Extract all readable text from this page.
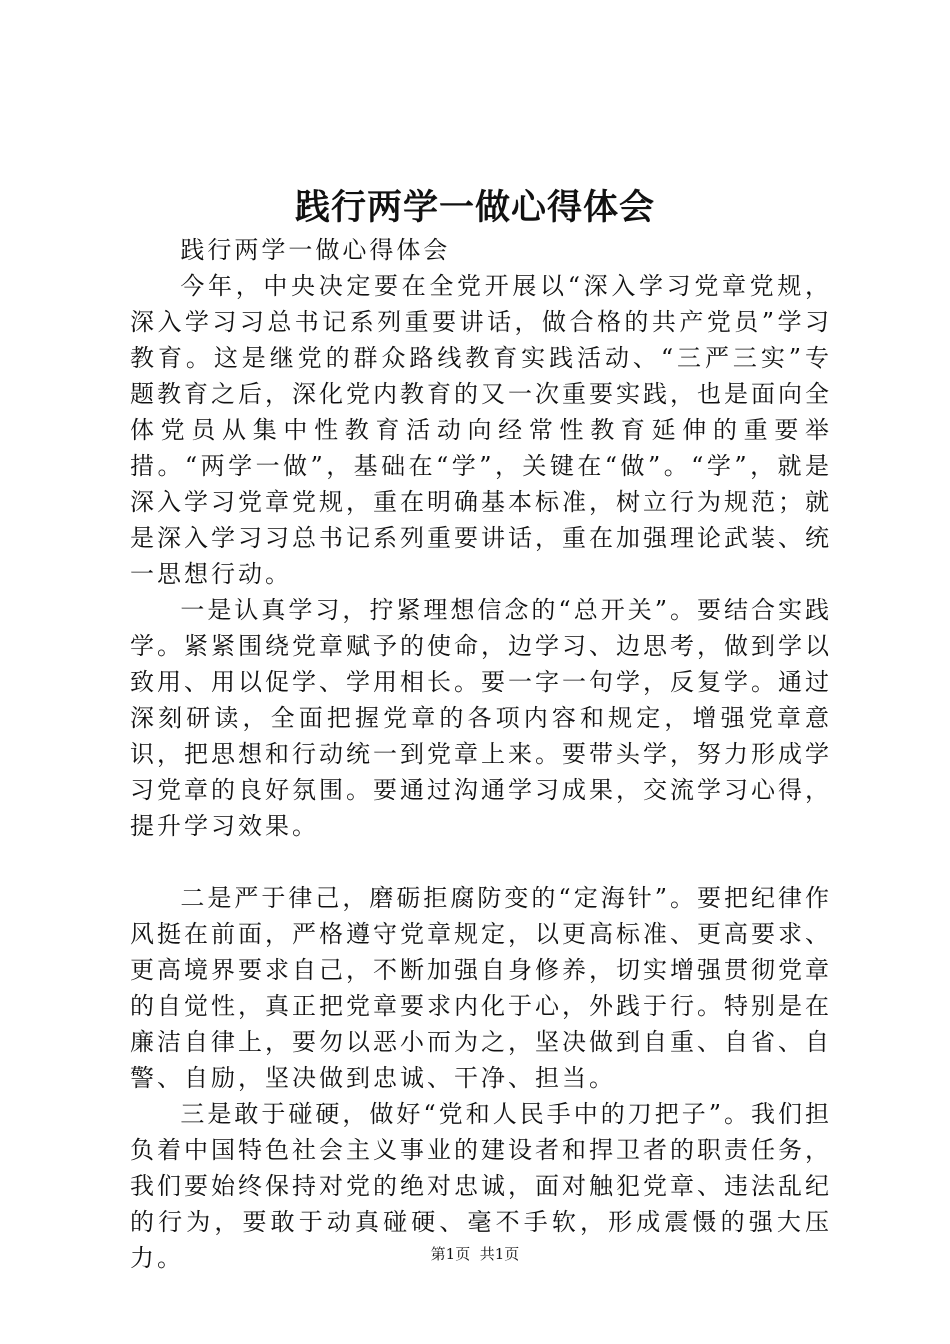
践行两学一做心得体会

践行两学一做心得体会

今年，中央决定要在全党开展以“深入学习党章党规，深入学习习总书记系列重要讲话，做合格的共产党员”学习教育。这是继党的群众路线教育实践活动、“三严三实”专题教育之后，深化党内教育的又一次重要实践，也是面向全体党员从集中性教育活动向经常性教育延伸的重要举措。“两学一做”，基础在“学”，关键在“做”。“学”，就是深入学习党章党规，重在明确基本标准，树立行为规范；就是深入学习习总书记系列重要讲话，重在加强理论武装、统一思想行动。

一是认真学习，拧紧理想信念的“总开关”。要结合实践学。紧紧围绕党章赋予的使命，边学习、边思考，做到学以致用、用以促学、学用相长。要一字一句学，反复学。通过深刻研读，全面把握党章的各项内容和规定，增强党章意识，把思想和行动统一到党章上来。要带头学，努力形成学习党章的良好氛围。要通过沟通学习成果，交流学习心得，提升学习效果。

二是严于律己，磨砺拒腐防变的“定海针”。要把纪律作风挺在前面，严格遵守党章规定，以更高标准、更高要求、更高境界要求自己，不断加强自身修养，切实增强贯彻党章的自觉性，真正把党章要求内化于心，外践于行。特别是在廉洁自律上，要勿以恶小而为之，坚决做到自重、自省、自警、自励，坚决做到忠诚、干净、担当。

三是敢于碰硬，做好“党和人民手中的刀把子”。我们担负着中国特色社会主义事业的建设者和捍卫者的职责任务，我们要始终保持对党的绝对忠诚，面对触犯党章、违法乱纪的行为，要敢于动真碰硬、毫不手软，形成震慑的强大压力。	第1页 共1页
